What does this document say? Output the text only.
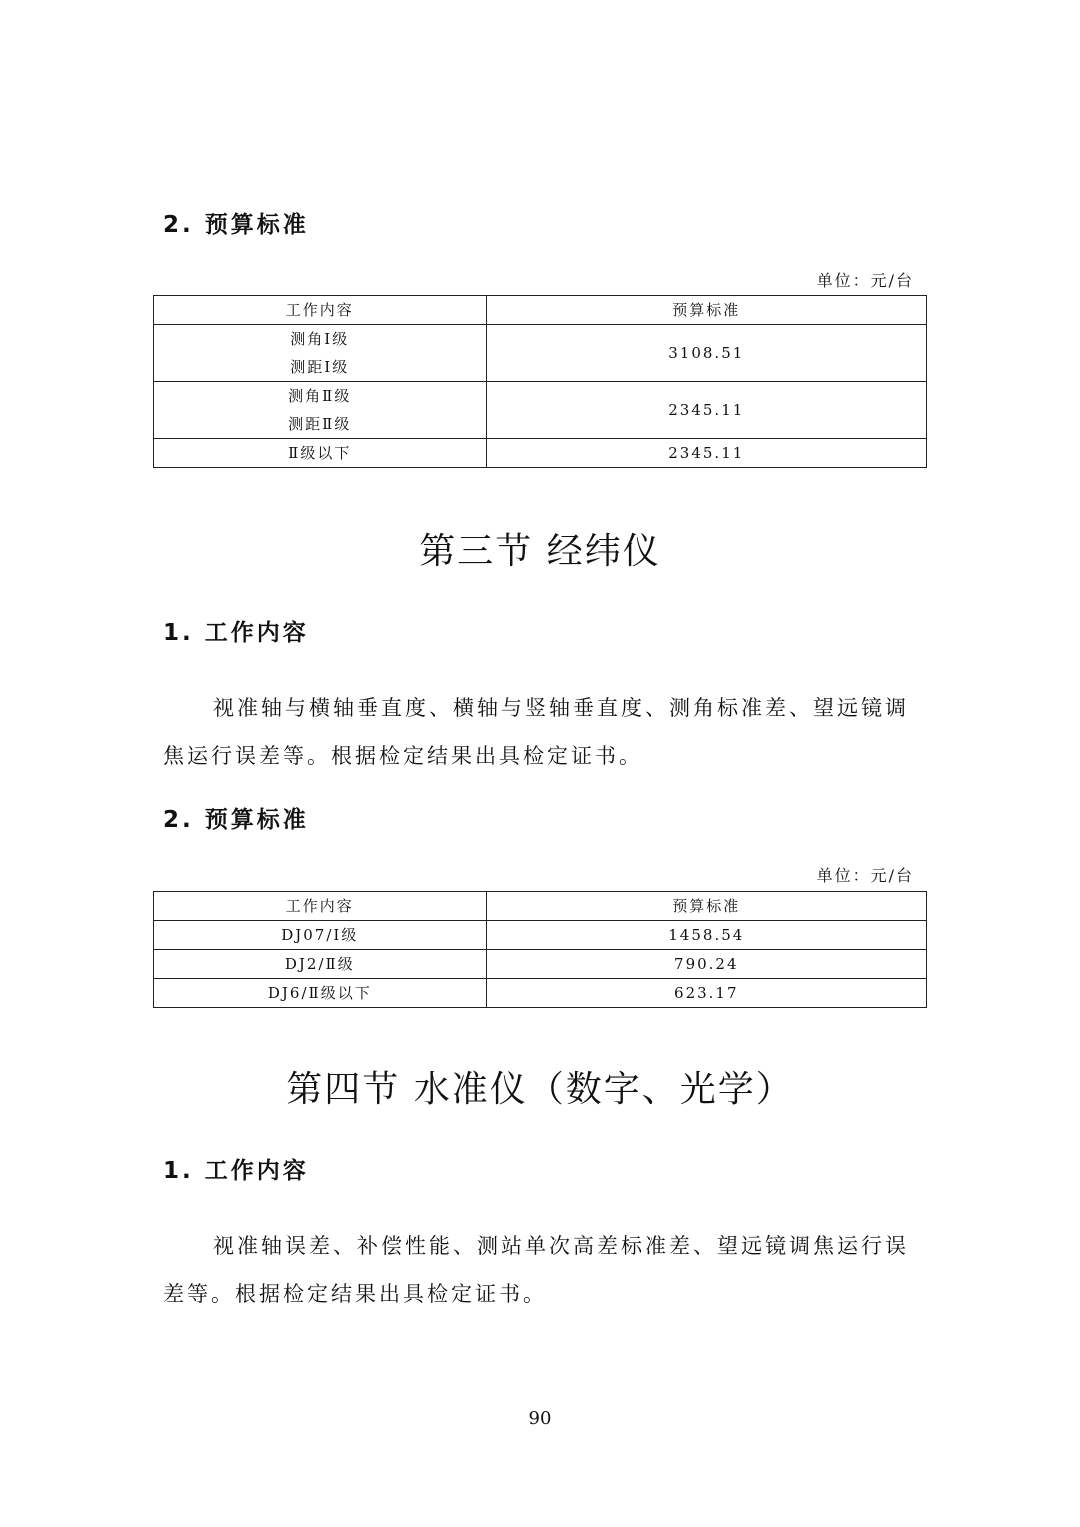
2. 预算标准

单位：元/台

工作内容	预算标准

测角Ⅰ级
测距Ⅰ级	3108.51

测角Ⅱ级
测距Ⅱ级	2345.11
Ⅱ级以下	2345.11
第三节 经纬仪
1. 工作内容

视准轴与横轴垂直度、横轴与竖轴垂直度、测角标准差、望远镜调焦运行误差等。根据检定结果出具检定证书。

2. 预算标准

单位：元/台

工作内容	预算标准
DJ07/Ⅰ级	1458.54
DJ2/Ⅱ级	790.24
DJ6/Ⅱ级以下	623.17
第四节 水准仪（数字、光学）
1. 工作内容

视准轴误差、补偿性能、测站单次高差标准差、望远镜调焦运行误差等。根据检定结果出具检定证书。

90
